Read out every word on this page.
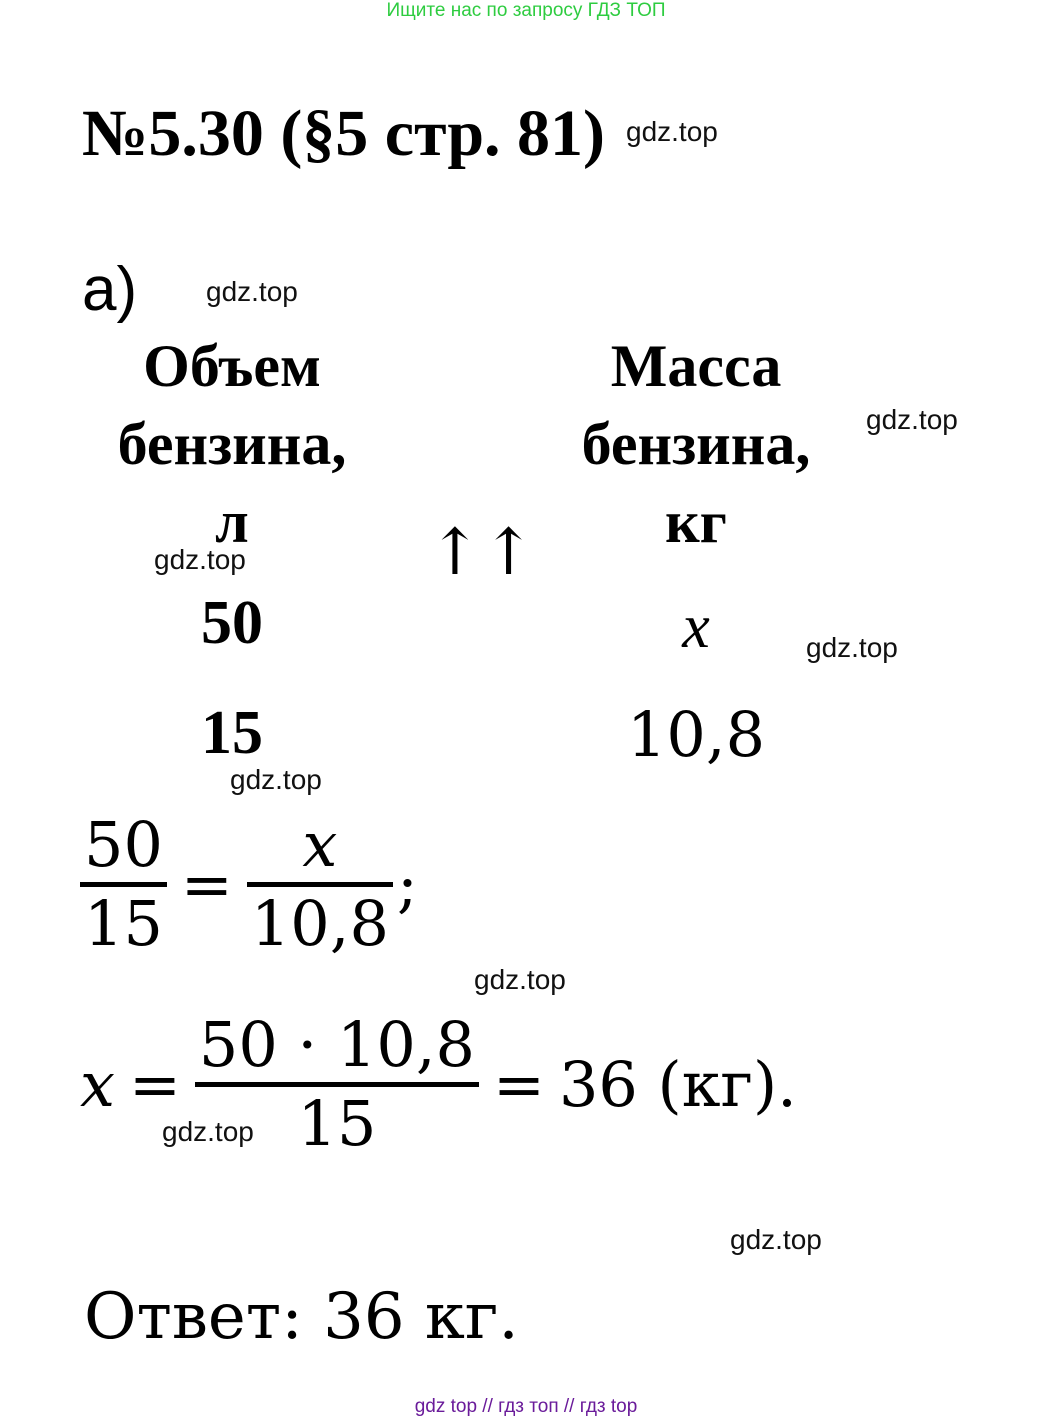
Ищите нас по запросу ГДЗ ТОП
№5.30 (§5 стр. 81) gdz.top
а) gdz.top
Объем
бензина,
л
Масса
бензина,
кг
gdz.top
↑↑
gdz.top
50	x	gdz.top
15	10,8
gdz.top
50
15
=
x
10,8
;
gdz.top
x =
50 · 10,8
15
= 36 (кг).
gdz.top
gdz.top
Ответ: 36 кг.
gdz top // гдз топ // гдз top
